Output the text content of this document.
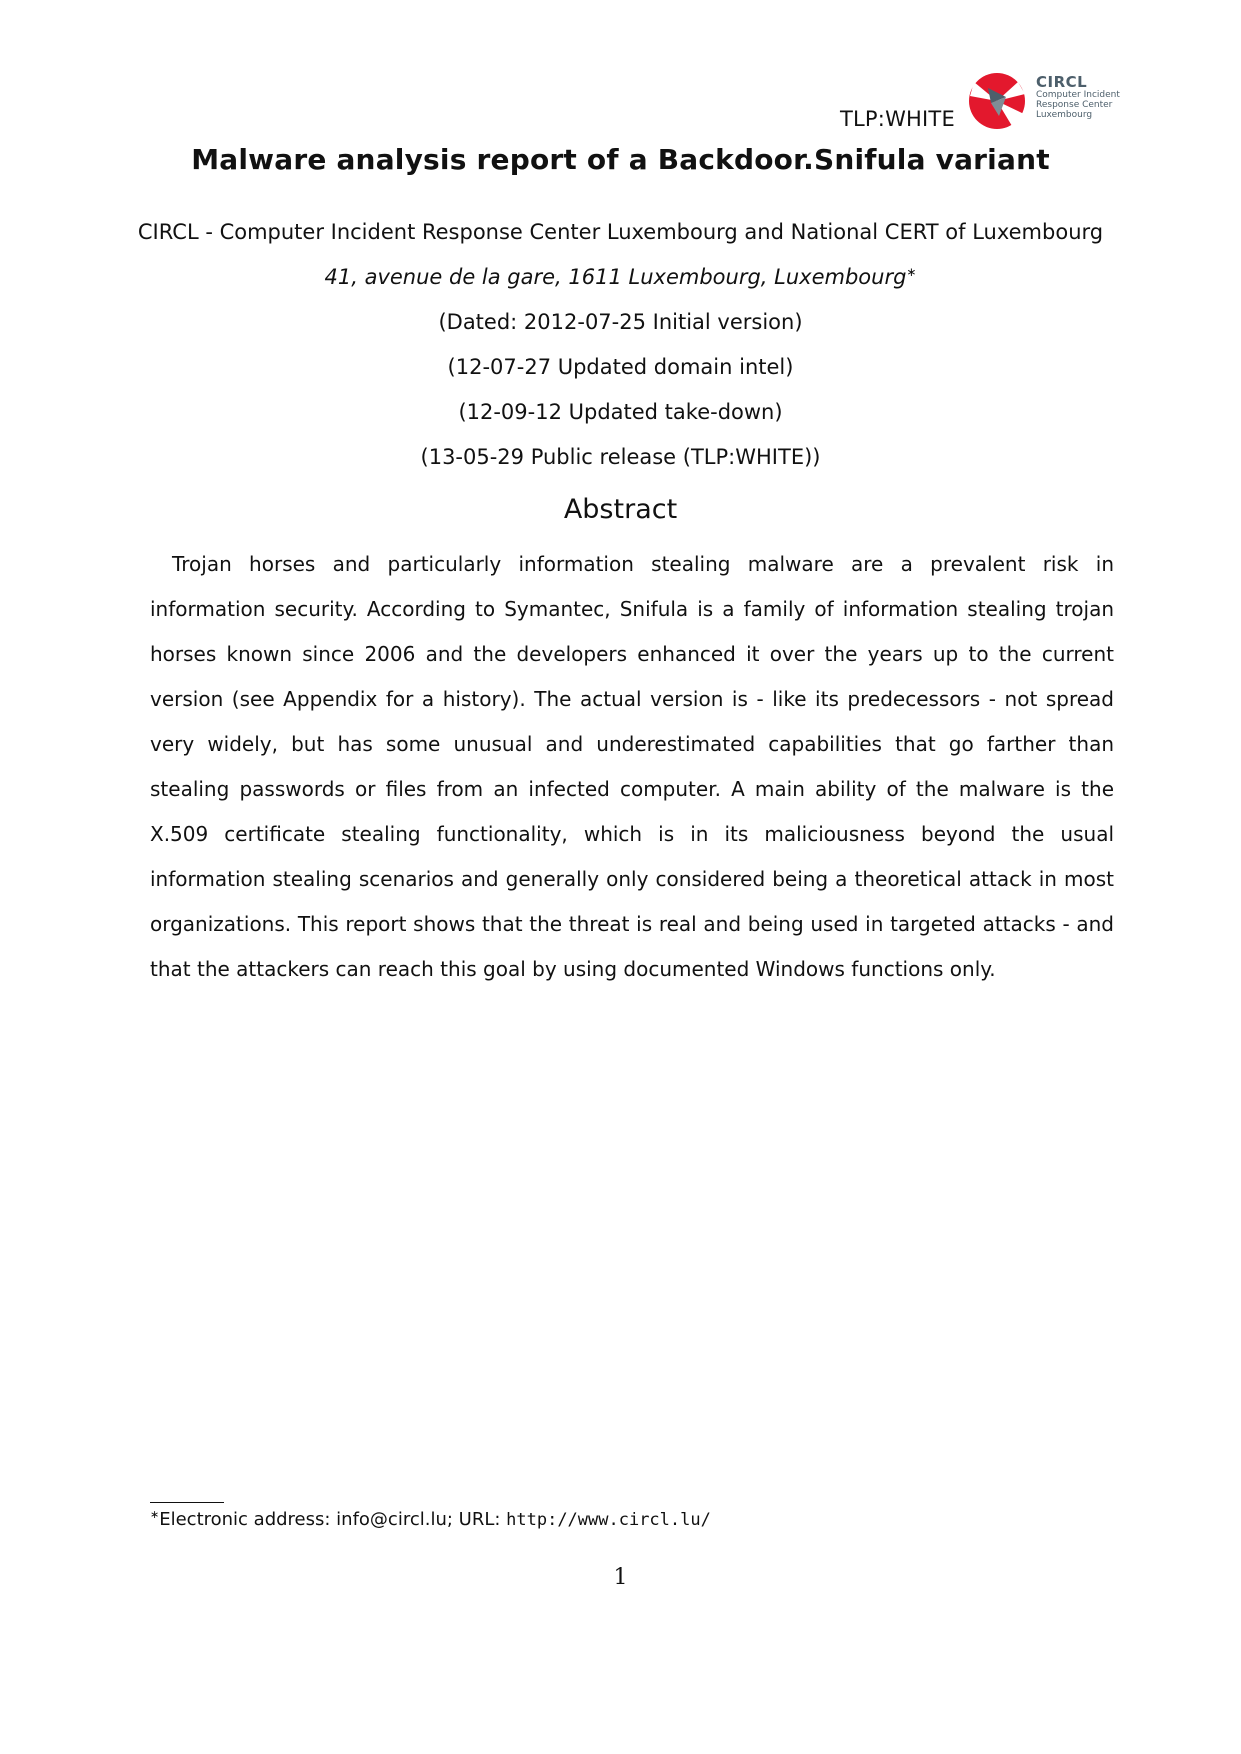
TLP:WHITE
CIRCL
Computer Incident
Response Center
Luxembourg
Malware analysis report of a Backdoor.Snifula variant

CIRCL - Computer Incident Response Center Luxembourg and National CERT of Luxembourg

41, avenue de la gare, 1611 Luxembourg, Luxembourg∗

(Dated: 2012-07-25 Initial version)
(12-07-27 Updated domain intel)
(12-09-12 Updated take-down)
(13-05-29 Public release (TLP:WHITE))
Abstract

Trojan horses and particularly information stealing malware are a prevalent risk in information security. According to Symantec, Snifula is a family of information stealing trojan horses known since 2006 and the developers enhanced it over the years up to the current version (see Appendix for a history). The actual version is - like its predecessors - not spread very widely, but has some unusual and underestimated capabilities that go farther than stealing passwords or files from an infected computer. A main ability of the malware is the X.509 certificate stealing functionality, which is in its maliciousness beyond the usual information stealing scenarios and generally only considered being a theoretical attack in most organizations. This report shows that the threat is real and being used in targeted attacks - and that the attackers can reach this goal by using documented Windows functions only.

∗Electronic address: info@circl.lu; URL: http://www.circl.lu/

1
